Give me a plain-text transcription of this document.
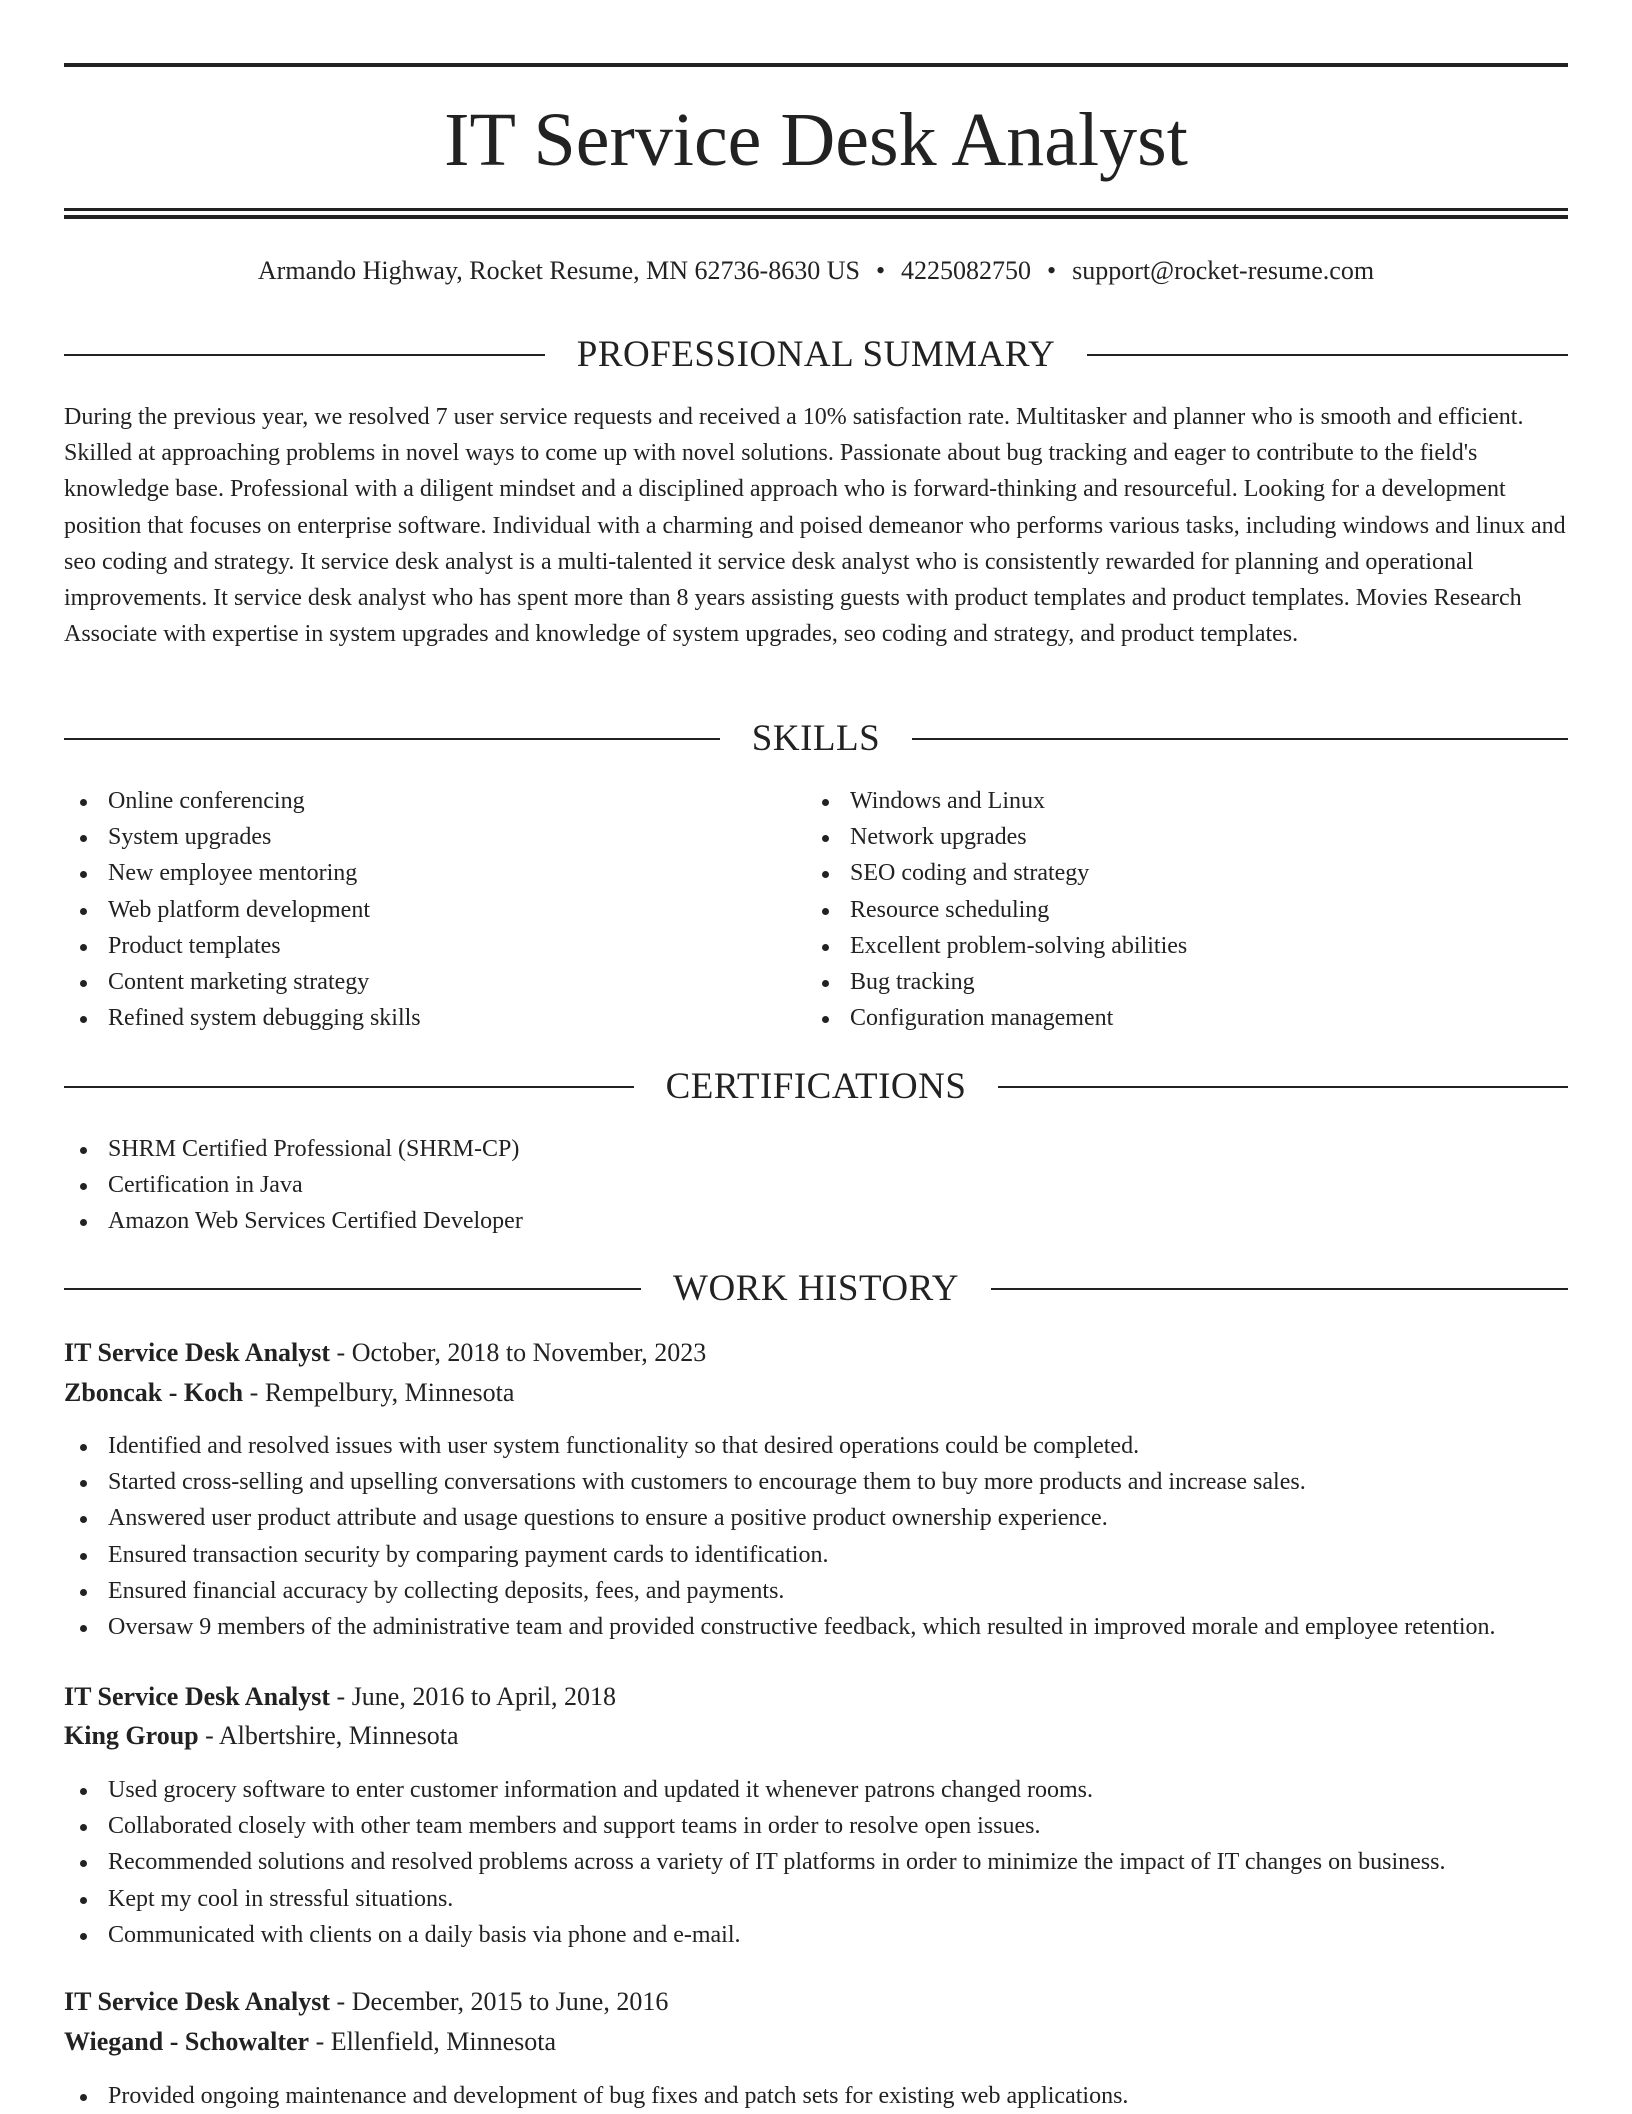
IT Service Desk Analyst
Armando Highway, Rocket Resume, MN 62736-8630 US • 4225082750 • support@rocket-resume.com
PROFESSIONAL SUMMARY

During the previous year, we resolved 7 user service requests and received a 10% satisfaction rate. Multitasker and planner who is smooth and efficient. Skilled at approaching problems in novel ways to come up with novel solutions. Passionate about bug tracking and eager to contribute to the field's knowledge base. Professional with a diligent mindset and a disciplined approach who is forward-thinking and resourceful. Looking for a development position that focuses on enterprise software. Individual with a charming and poised demeanor who performs various tasks, including windows and linux and seo coding and strategy. It service desk analyst is a multi-talented it service desk analyst who is consistently rewarded for planning and operational improvements. It service desk analyst who has spent more than 8 years assisting guests with product templates and product templates. Movies Research Associate with expertise in system upgrades and knowledge of system upgrades, seo coding and strategy, and product templates.

SKILLS
Online conferencing
System upgrades
New employee mentoring
Web platform development
Product templates
Content marketing strategy
Refined system debugging skills
Windows and Linux
Network upgrades
SEO coding and strategy
Resource scheduling
Excellent problem-solving abilities
Bug tracking
Configuration management
CERTIFICATIONS
SHRM Certified Professional (SHRM-CP)
Certification in Java
Amazon Web Services Certified Developer
WORK HISTORY
IT Service Desk Analyst - October, 2018 to November, 2023
Zboncak - Koch - Rempelbury, Minnesota
Identified and resolved issues with user system functionality so that desired operations could be completed.
Started cross-selling and upselling conversations with customers to encourage them to buy more products and increase sales.
Answered user product attribute and usage questions to ensure a positive product ownership experience.
Ensured transaction security by comparing payment cards to identification.
Ensured financial accuracy by collecting deposits, fees, and payments.
Oversaw 9 members of the administrative team and provided constructive feedback, which resulted in improved morale and employee retention.
IT Service Desk Analyst - June, 2016 to April, 2018
King Group - Albertshire, Minnesota
Used grocery software to enter customer information and updated it whenever patrons changed rooms.
Collaborated closely with other team members and support teams in order to resolve open issues.
Recommended solutions and resolved problems across a variety of IT platforms in order to minimize the impact of IT changes on business.
Kept my cool in stressful situations.
Communicated with clients on a daily basis via phone and e-mail.
IT Service Desk Analyst - December, 2015 to June, 2016
Wiegand - Schowalter - Ellenfield, Minnesota
Provided ongoing maintenance and development of bug fixes and patch sets for existing web applications.
